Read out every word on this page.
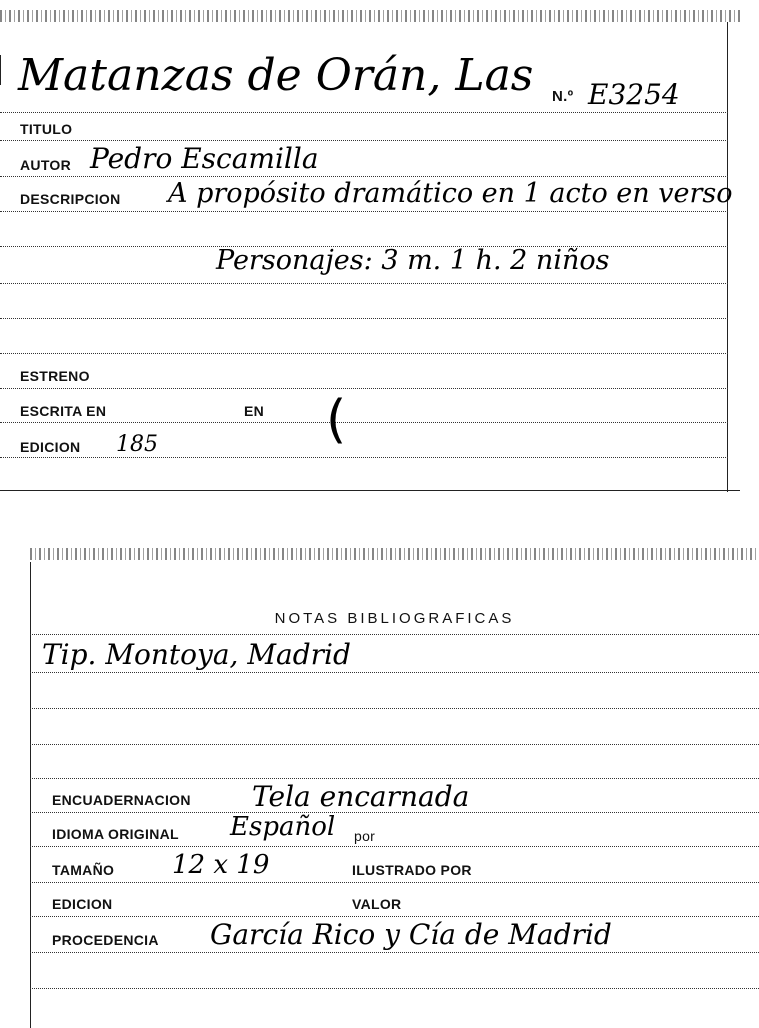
Matanzas de Orán, Las N.º E3254
TITULO
AUTOR Pedro Escamilla
DESCRIPCION A propósito dramático en 1 acto en verso
Personajes: 3 m. 1 h. 2 niños
ESTRENO
ESCRITA EN	EN (
EDICION 185
NOTAS BIBLIOGRAFICAS
Tip. Montoya, Madrid
ENCUADERNACION Tela encarnada
IDIOMA ORIGINAL Español por
TAMAÑO 12 x 19	ILUSTRADO POR
EDICION	VALOR
PROCEDENCIA García Rico y Cía de Madrid
